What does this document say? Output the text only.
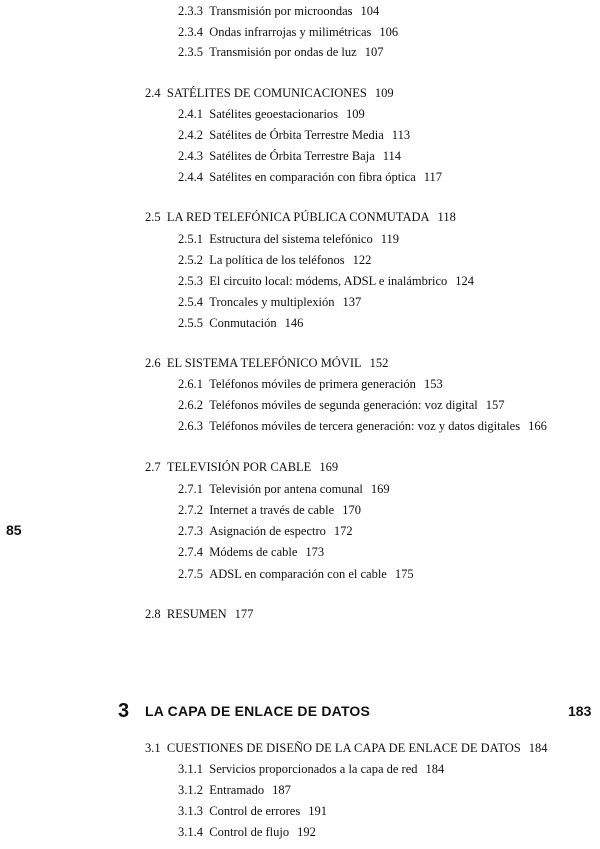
2.3.3 Transmisión por microondas 104
2.3.4 Ondas infrarrojas y milimétricas 106
2.3.5 Transmisión por ondas de luz 107
2.4 SATÉLITES DE COMUNICACIONES 109
2.4.1 Satélites geoestacionarios 109
2.4.2 Satélites de Órbita Terrestre Media 113
2.4.3 Satélites de Órbita Terrestre Baja 114
2.4.4 Satélites en comparación con fibra óptica 117
2.5 LA RED TELEFÓNICA PÚBLICA CONMUTADA 118
2.5.1 Estructura del sistema telefónico 119
2.5.2 La política de los teléfonos 122
2.5.3 El circuito local: módems, ADSL e inalámbrico 124
2.5.4 Troncales y multiplexión 137
2.5.5 Conmutación 146
2.6 EL SISTEMA TELEFÓNICO MÓVIL 152
2.6.1 Teléfonos móviles de primera generación 153
2.6.2 Teléfonos móviles de segunda generación: voz digital 157
2.6.3 Teléfonos móviles de tercera generación: voz y datos digitales 166
2.7 TELEVISIÓN POR CABLE 169
2.7.1 Televisión por antena comunal 169
2.7.2 Internet a través de cable 170
2.7.3 Asignación de espectro 172
2.7.4 Módems de cable 173
2.7.5 ADSL en comparación con el cable 175
2.8 RESUMEN 177
85
3 LA CAPA DE ENLACE DE DATOS	183
3.1 CUESTIONES DE DISEÑO DE LA CAPA DE ENLACE DE DATOS 184
3.1.1 Servicios proporcionados a la capa de red 184
3.1.2 Entramado 187
3.1.3 Control de errores 191
3.1.4 Control de flujo 192
